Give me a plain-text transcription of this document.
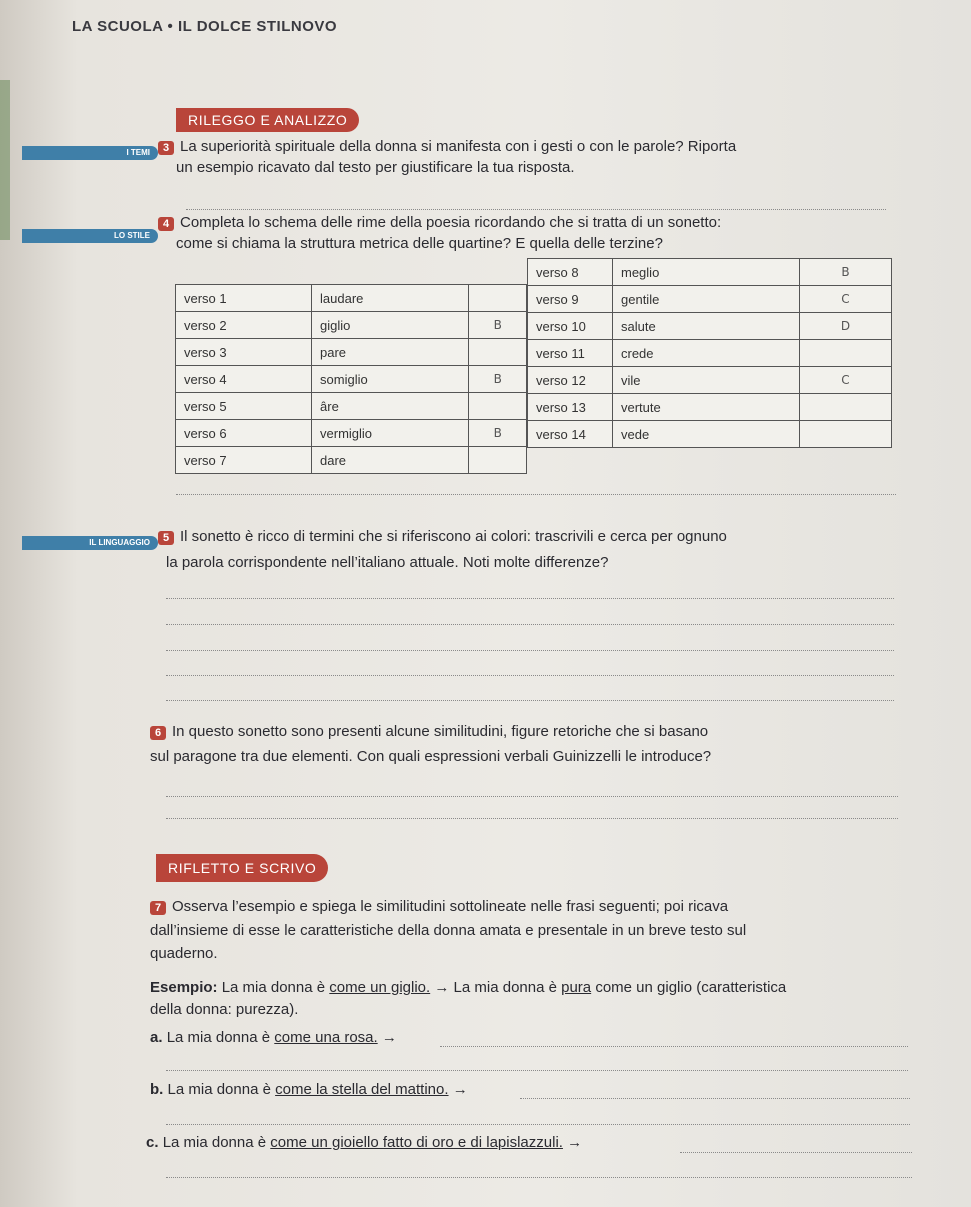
LA SCUOLA • IL DOLCE STILNOVO
RILEGGO E ANALIZZO
I TEMI	3 La superiorità spirituale della donna si manifesta con i gesti o con le parole? Riporta
un esempio ricavato dal testo per giustificare la tua risposta.
LO STILE
4 Completa lo schema delle rime della poesia ricordando che si tratta di un sonetto:
come si chiama la struttura metrica delle quartine? E quella delle terzine?
verso 1	laudare	
verso 2	giglio	B
verso 3	pare	
verso 4	somiglio	B
verso 5	âre	
verso 6	vermiglio	B
verso 7	dare	
verso 8	meglio	B
verso 9	gentile	C
verso 10	salute	D
verso 11	crede	
verso 12	vile	C
verso 13	vertute	
verso 14	vede	
IL LINGUAGGIO	5 Il sonetto è ricco di termini che si riferiscono ai colori: trascrivili e cerca per ognuno
la parola corrispondente nell’italiano attuale. Noti molte differenze?
6 In questo sonetto sono presenti alcune similitudini, figure retoriche che si basano
sul paragone tra due elementi. Con quali espressioni verbali Guinizzelli le introduce?
RIFLETTO E SCRIVO
7 Osserva l’esempio e spiega le similitudini sottolineate nelle frasi seguenti; poi ricava
dall’insieme di esse le caratteristiche della donna amata e presentale in un breve testo sul
quaderno.
Esempio: La mia donna è come un giglio. → La mia donna è pura come un giglio (caratteristica
della donna: purezza).
a. La mia donna è come una rosa. →
b. La mia donna è come la stella del mattino. →
c. La mia donna è come un gioiello fatto di oro e di lapislazzuli. →
